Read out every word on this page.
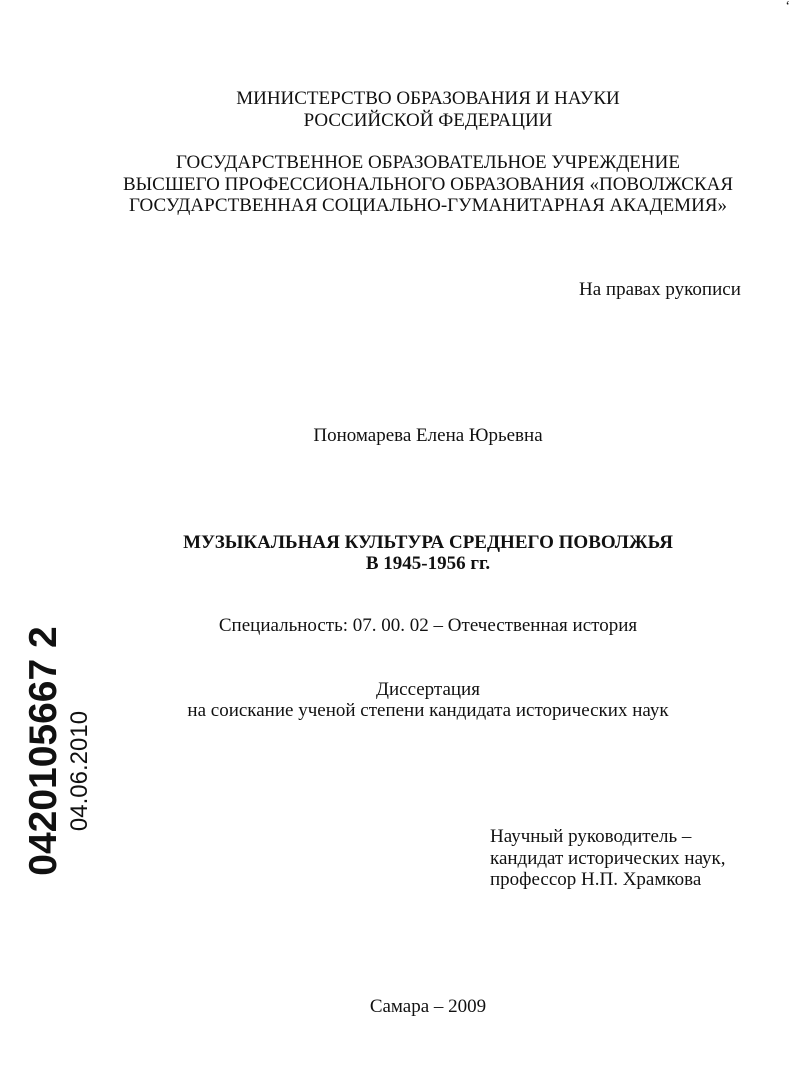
‘
МИНИСТЕРСТВО ОБРАЗОВАНИЯ И НАУКИ
РОССИЙСКОЙ ФЕДЕРАЦИИ
ГОСУДАРСТВЕННОЕ ОБРАЗОВАТЕЛЬНОЕ УЧРЕЖДЕНИЕ
ВЫСШЕГО ПРОФЕССИОНАЛЬНОГО ОБРАЗОВАНИЯ «ПОВОЛЖСКАЯ
ГОСУДАРСТВЕННАЯ СОЦИАЛЬНО-ГУМАНИТАРНАЯ АКАДЕМИЯ»
На правах рукописи
Пономарева Елена Юрьевна
МУЗЫКАЛЬНАЯ КУЛЬТУРА СРЕДНЕГО ПОВОЛЖЬЯ
В 1945-1956 гг.
Специальность: 07. 00. 02 – Отечественная история
Диссертация
на соискание ученой степени кандидата исторических наук
Научный руководитель –
кандидат исторических наук,
профессор Н.П. Храмкова
Самара – 2009
0420105667 2 04.06.2010
